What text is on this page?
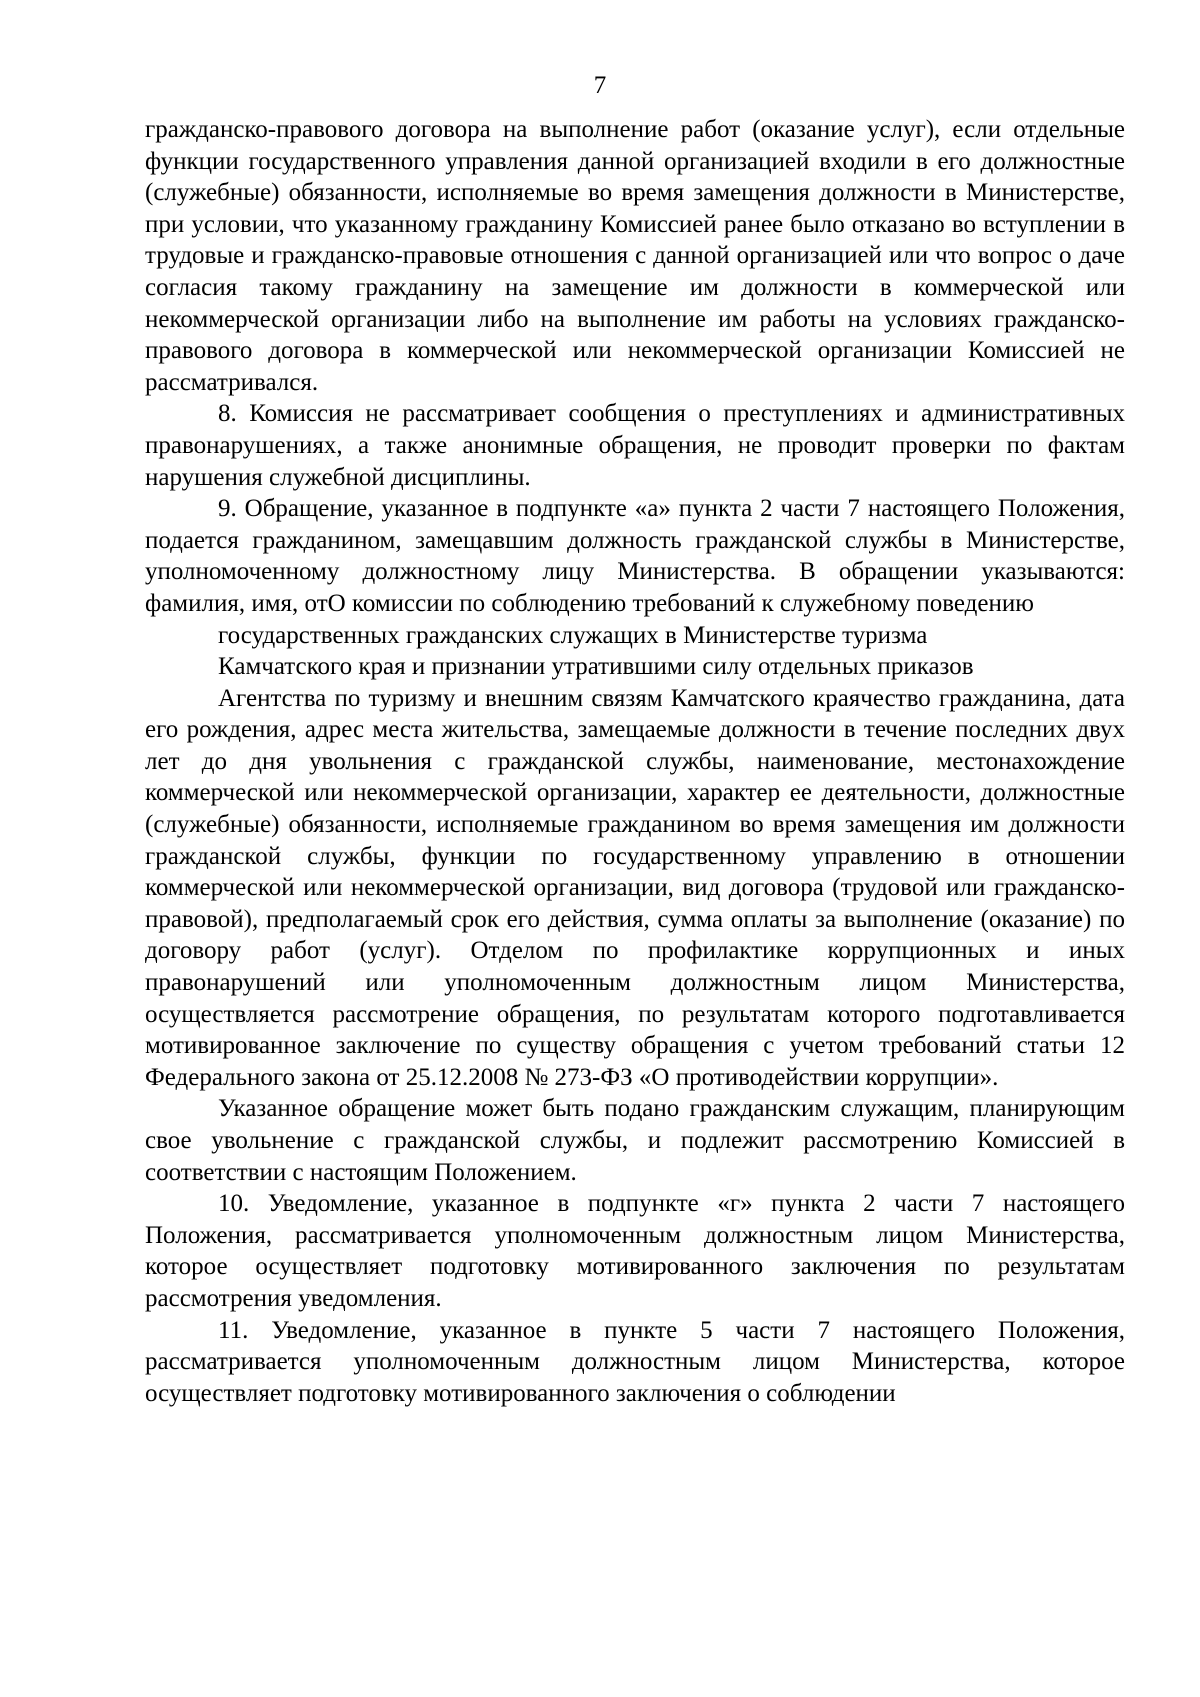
7

гражданско-правового договора на выполнение работ (оказание услуг), если отдельные функции государственного управления данной организацией входили в его должностные (служебные) обязанности, исполняемые во время замещения должности в Министерстве, при условии, что указанному гражданину Комиссией ранее было отказано во вступлении в трудовые и гражданско-правовые отношения с данной организацией или что вопрос о даче согласия такому гражданину на замещение им должности в коммерческой или некоммерческой организации либо на выполнение им работы на условиях гражданско-правового договора в коммерческой или некоммерческой организации Комиссией не рассматривался.

8. Комиссия не рассматривает сообщения о преступлениях и административных правонарушениях, а также анонимные обращения, не проводит проверки по фактам нарушения служебной дисциплины.

9. Обращение, указанное в подпункте «а» пункта 2 части 7 настоящего Положения, подается гражданином, замещавшим должность гражданской службы в Министерстве, уполномоченному должностному лицу Министерства. В обращении указываются: фамилия, имя, отО комиссии по соблюдению требований к служебному поведению

государственных гражданских служащих в Министерстве туризма

Камчатского края и признании утратившими силу отдельных приказов

Агентства по туризму и внешним связям Камчатского краячество гражданина, дата его рождения, адрес места жительства, замещаемые должности в течение последних двух лет до дня увольнения с гражданской службы, наименование, местонахождение коммерческой или некоммерческой организации, характер ее деятельности, должностные (служебные) обязанности, исполняемые гражданином во время замещения им должности гражданской службы, функции по государственному управлению в отношении коммерческой или некоммерческой организации, вид договора (трудовой или гражданско-правовой), предполагаемый срок его действия, сумма оплаты за выполнение (оказание) по договору работ (услуг). Отделом по профилактике коррупционных и иных правонарушений или уполномоченным должностным лицом Министерства, осуществляется рассмотрение обращения, по результатам которого подготавливается мотивированное заключение по существу обращения с учетом требований статьи 12 Федерального закона от 25.12.2008 № 273-ФЗ «О противодействии коррупции».

Указанное обращение может быть подано гражданским служащим, планирующим свое увольнение с гражданской службы, и подлежит рассмотрению Комиссией в соответствии с настоящим Положением.

10. Уведомление, указанное в подпункте «г» пункта 2 части 7 настоящего Положения, рассматривается уполномоченным должностным лицом Министерства, которое осуществляет подготовку мотивированного заключения по результатам рассмотрения уведомления.

11. Уведомление, указанное в пункте 5 части 7 настоящего Положения, рассматривается уполномоченным должностным лицом Министерства, которое осуществляет подготовку мотивированного заключения о соблюдении
